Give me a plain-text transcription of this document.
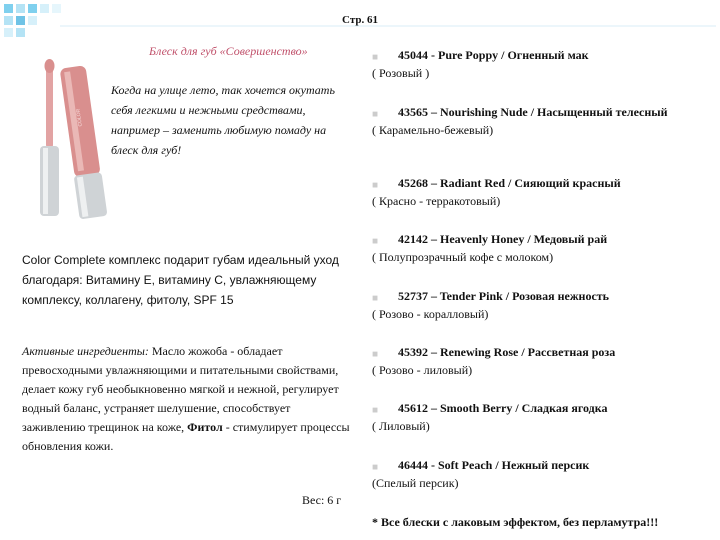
Стр. 61
Блеск для губ «Совершенство»
COLOR
Когда на улице лето, так хочется окутать себя легкими и нежными средствами, например – заменить любимую помаду на блеск для губ!
Color Complete комплекс подарит губам идеальный уход благодаря: Витамину Е, витамину С, увлажняющему комплексу, коллагену, фитолу, SPF 15
Активные ингредиенты: Масло жожоба - обладает превосходными увлажняющими и питательными свойствами, делает кожу губ необыкновенно мягкой и нежной, регулирует водный баланс, устраняет шелушение, способствует заживлению трещинок на коже, Фитол - стимулирует процессы обновления кожи.
Вес: 6 г
■	45044 - Pure Poppy / Огненный мак
( Розовый )
■	43565 – Nourishing Nude / Насыщенный телесный
( Карамельно-бежевый)
■	45268 – Radiant Red / Сияющий красный
( Красно - терракотовый)
■	42142 – Heavenly Honey / Медовый рай
( Полупрозрачный кофе с молоком)
■	52737 – Tender Pink / Розовая нежность
( Розово - коралловый)
■	45392 – Renewing Rose / Рассветная роза
( Розово - лиловый)
■	45612 – Smooth Berry / Сладкая ягодка
( Лиловый)
■	46444 - Soft Peach / Нежный персик
(Спелый персик)
* Все блески с лаковым эффектом, без перламутра!!!
